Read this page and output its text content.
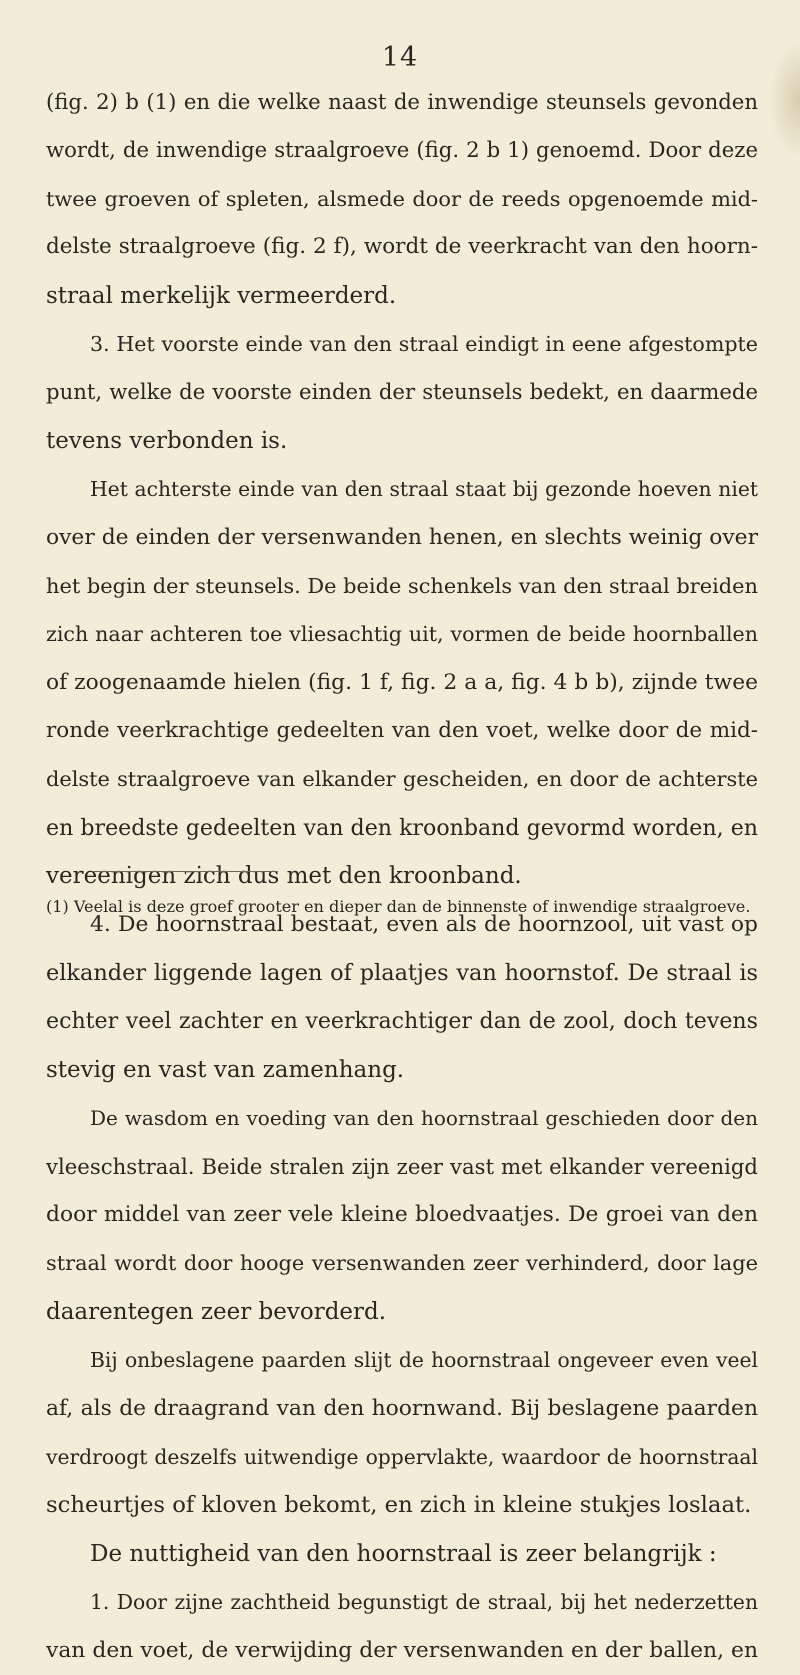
14
(fig. 2) b (1) en die welke naast de inwendige steunsels gevonden
wordt, de inwendige straalgroeve (fig. 2 b 1) genoemd. Door deze
twee groeven of spleten, alsmede door de reeds opgenoemde mid-
delste straalgroeve (fig. 2 f), wordt de veerkracht van den hoorn-
straal merkelijk vermeerderd.
3. Het voorste einde van den straal eindigt in eene afgestompte
punt, welke de voorste einden der steunsels bedekt, en daarmede
tevens verbonden is.
Het achterste einde van den straal staat bij gezonde hoeven niet
over de einden der versenwanden henen, en slechts weinig over
het begin der steunsels. De beide schenkels van den straal breiden
zich naar achteren toe vliesachtig uit, vormen de beide hoornballen
of zoogenaamde hielen (fig. 1 f, fig. 2 a a, fig. 4 b b), zijnde twee
ronde veerkrachtige gedeelten van den voet, welke door de mid-
delste straalgroeve van elkander gescheiden, en door de achterste
en breedste gedeelten van den kroonband gevormd worden, en
vereenigen zich dus met den kroonband.
4. De hoornstraal bestaat, even als de hoornzool, uit vast op
elkander liggende lagen of plaatjes van hoornstof. De straal is
echter veel zachter en veerkrachtiger dan de zool, doch tevens
stevig en vast van zamenhang.
De wasdom en voeding van den hoornstraal geschieden door den
vleeschstraal. Beide stralen zijn zeer vast met elkander vereenigd
door middel van zeer vele kleine bloedvaatjes. De groei van den
straal wordt door hooge versenwanden zeer verhinderd, door lage
daarentegen zeer bevorderd.
Bij onbeslagene paarden slijt de hoornstraal ongeveer even veel
af, als de draagrand van den hoornwand. Bij beslagene paarden
verdroogt deszelfs uitwendige oppervlakte, waardoor de hoornstraal
scheurtjes of kloven bekomt, en zich in kleine stukjes loslaat.
De nuttigheid van den hoornstraal is zeer belangrijk :
1. Door zijne zachtheid begunstigt de straal, bij het nederzetten
van den voet, de verwijding der versenwanden en der ballen, en
(1) Veelal is deze groef grooter en dieper dan de binnenste of inwendige straalgroeve.
